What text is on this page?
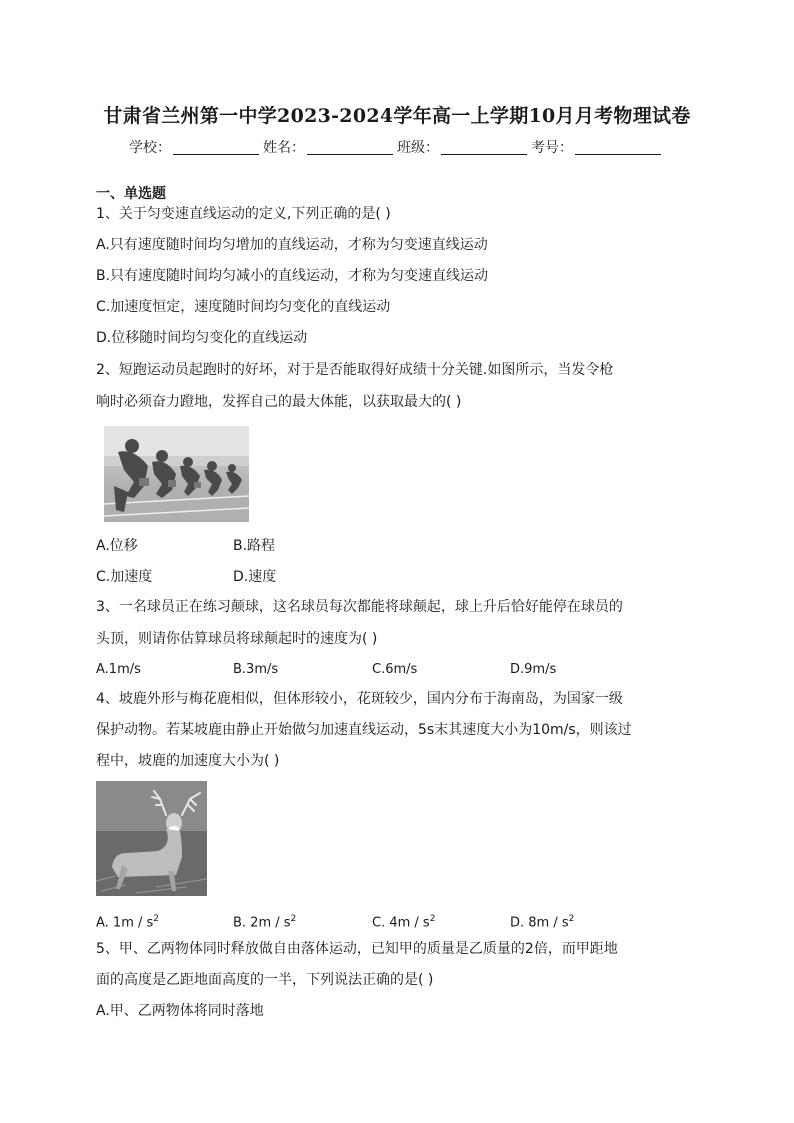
甘肃省兰州第一中学2023-2024学年高一上学期10月月考物理试卷
学校：	姓名：	班级：	考号：
一、单选题
1、关于匀变速直线运动的定义,下列正确的是( )
A.只有速度随时间均匀增加的直线运动，才称为匀变速直线运动
B.只有速度随时间均匀减小的直线运动，才称为匀变速直线运动
C.加速度恒定，速度随时间均匀变化的直线运动
D.位移随时间均匀变化的直线运动
2、短跑运动员起跑时的好坏，对于是否能取得好成绩十分关键.如图所示，当发令枪
响时必须奋力蹬地，发挥自己的最大体能，以获取最大的( )
A.位移	B.路程
C.加速度	D.速度
3、一名球员正在练习颠球，这名球员每次都能将球颠起，球上升后恰好能停在球员的
头顶，则请你估算球员将球颠起时的速度为( )
A.1m/s	B.3m/s	C.6m/s	D.9m/s
4、坡鹿外形与梅花鹿相似，但体形较小，花斑较少，国内分布于海南岛，为国家一级
保护动物。若某坡鹿由静止开始做匀加速直线运动，5s末其速度大小为10m/s，则该过
程中，坡鹿的加速度大小为( )
A. $1m / s^2$	B. $2m / s^2$	C. $4m / s^2$	D. $8m / s^2$
5、甲、乙两物体同时释放做自由落体运动，已知甲的质量是乙质量的2倍，而甲距地
面的高度是乙距地面高度的一半，下列说法正确的是( )
A.甲、乙两物体将同时落地
